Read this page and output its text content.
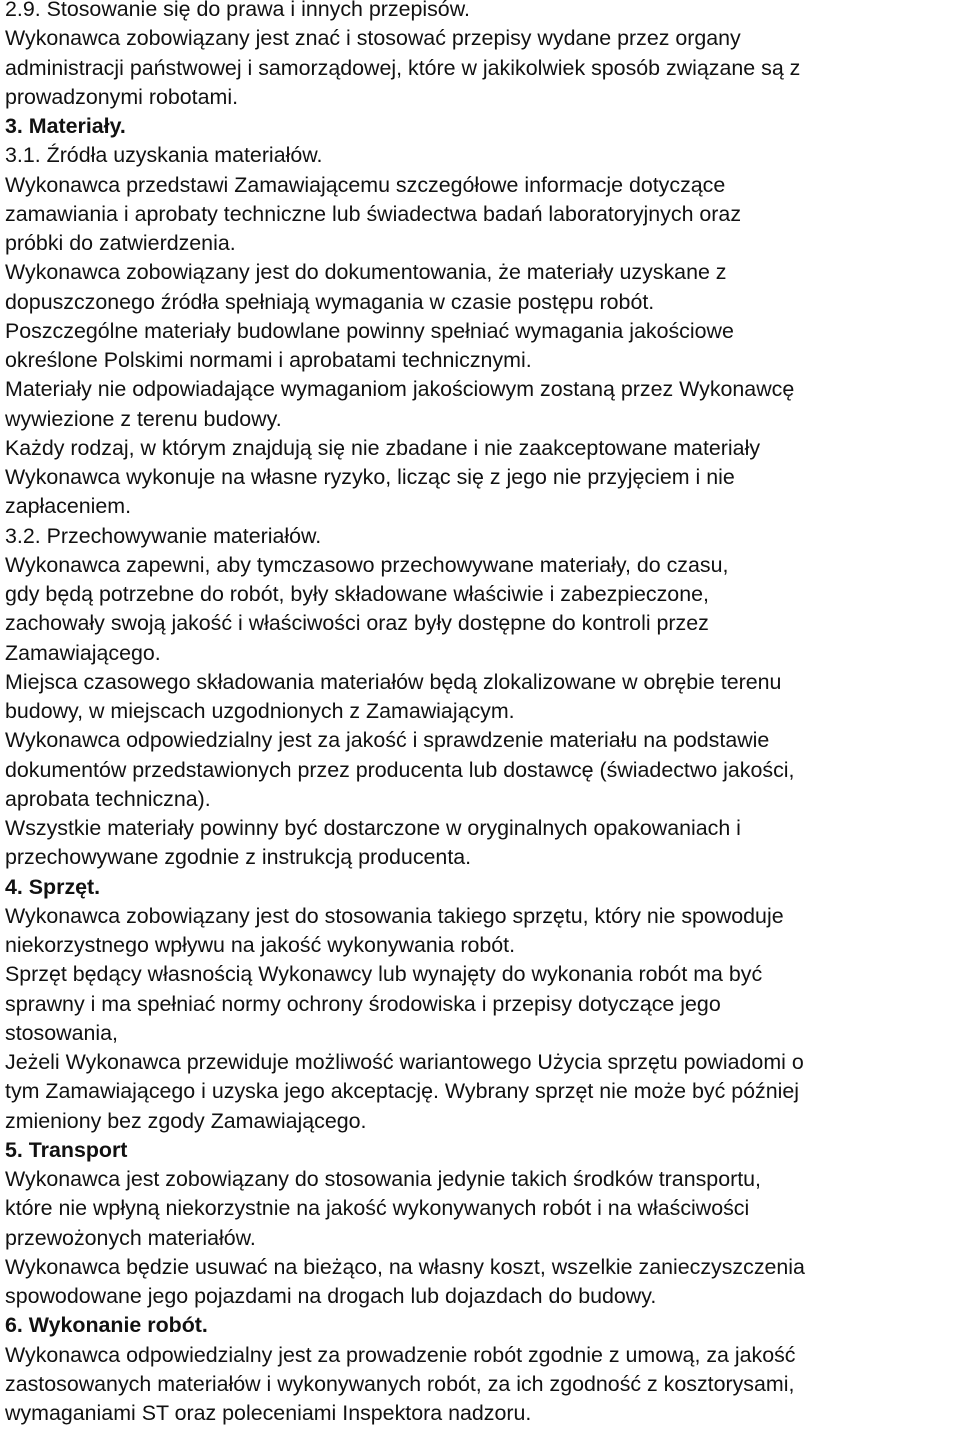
2.9. Stosowanie się do prawa i innych przepisów.
Wykonawca zobowiązany jest znać i stosować przepisy wydane przez organy
administracji państwowej i samorządowej, które w jakikolwiek sposób związane są z
prowadzonymi robotami.
3. Materiały.
3.1. Źródła uzyskania materiałów.
Wykonawca przedstawi Zamawiającemu szczegółowe informacje dotyczące
zamawiania i aprobaty techniczne lub świadectwa badań laboratoryjnych oraz
próbki do zatwierdzenia.
Wykonawca zobowiązany jest do dokumentowania, że materiały uzyskane z
dopuszczonego źródła spełniają wymagania w czasie postępu robót.
Poszczególne materiały budowlane powinny spełniać wymagania jakościowe
określone Polskimi normami i aprobatami technicznymi.
Materiały nie odpowiadające wymaganiom jakościowym zostaną przez Wykonawcę
wywiezione z terenu budowy.
Każdy rodzaj, w którym znajdują się nie zbadane i nie zaakceptowane materiały
Wykonawca wykonuje na własne ryzyko, licząc się z jego nie przyjęciem i nie
zapłaceniem.
3.2. Przechowywanie materiałów.
Wykonawca zapewni, aby tymczasowo przechowywane materiały, do czasu,
gdy będą potrzebne do robót, były składowane właściwie i zabezpieczone,
zachowały swoją jakość i właściwości oraz były dostępne do kontroli przez
Zamawiającego.
Miejsca czasowego składowania materiałów będą zlokalizowane w obrębie terenu
budowy, w miejscach uzgodnionych z Zamawiającym.
Wykonawca odpowiedzialny jest za jakość i sprawdzenie materiału na podstawie
dokumentów przedstawionych przez producenta lub dostawcę (świadectwo jakości,
aprobata techniczna).
Wszystkie materiały powinny być dostarczone w oryginalnych opakowaniach i
przechowywane zgodnie z instrukcją producenta.
4. Sprzęt.
Wykonawca zobowiązany jest do stosowania takiego sprzętu, który nie spowoduje
niekorzystnego wpływu na jakość wykonywania robót.
Sprzęt będący własnością Wykonawcy lub wynajęty do wykonania robót ma być
sprawny i ma spełniać normy ochrony środowiska i przepisy dotyczące jego
stosowania,
Jeżeli Wykonawca przewiduje możliwość wariantowego Użycia sprzętu powiadomi o
tym Zamawiającego i uzyska jego akceptację. Wybrany sprzęt nie może być później
zmieniony bez zgody Zamawiającego.
5. Transport
Wykonawca jest zobowiązany do stosowania jedynie takich środków transportu,
które nie wpłyną niekorzystnie na jakość wykonywanych robót i na właściwości
przewożonych materiałów.
Wykonawca będzie usuwać na bieżąco, na własny koszt, wszelkie zanieczyszczenia
spowodowane jego pojazdami na drogach lub dojazdach do budowy.
6. Wykonanie robót.
Wykonawca odpowiedzialny jest za prowadzenie robót zgodnie z umową, za jakość
zastosowanych materiałów i wykonywanych robót, za ich zgodność z kosztorysami,
wymaganiami ST oraz poleceniami Inspektora nadzoru.
